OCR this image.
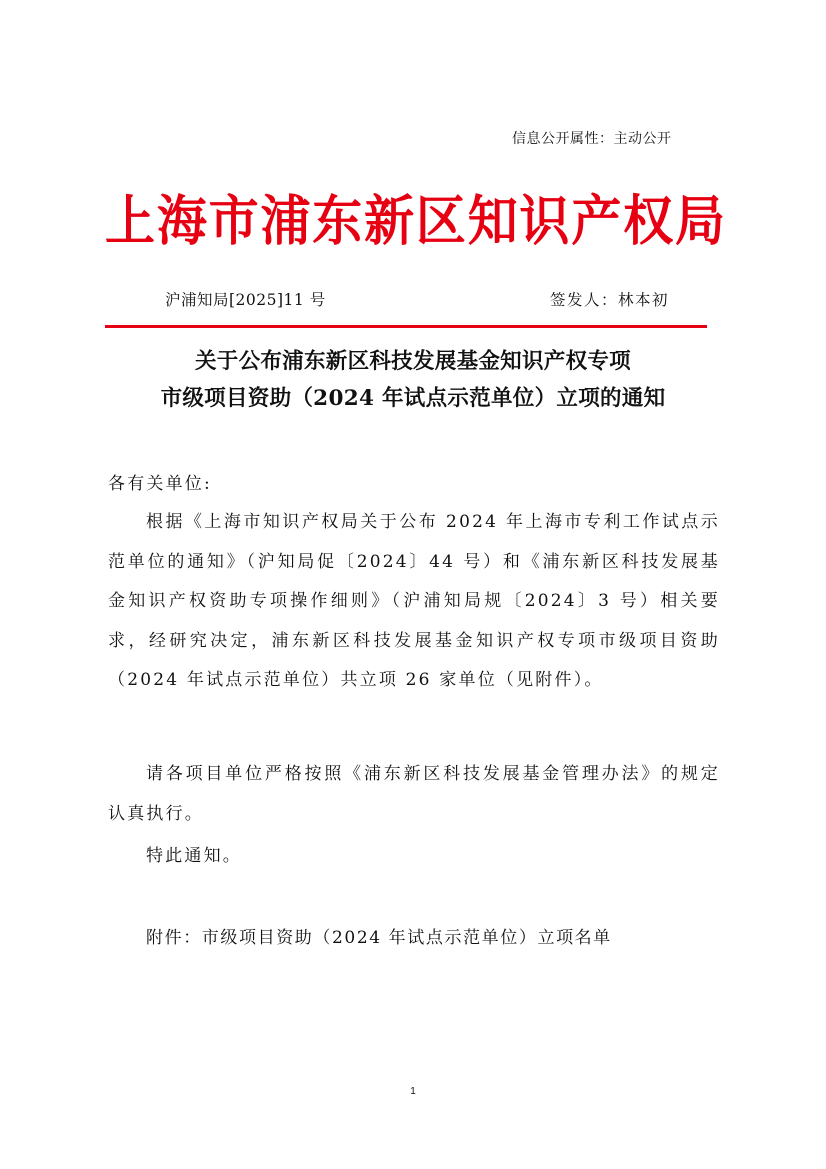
信息公开属性：主动公开
上 海 市 浦 东 新 区 知 识 产 权 局
沪浦知局[2025]11 号	签发人：林本初
关于公布浦东新区科技发展基金知识产权专项
市级项目资助（2024 年试点示范单位）立项的通知
各有关单位:
根据《上海市知识产权局关于公布 2024 年上海市专利工作试点示范单位的通知》（沪知局促〔2024〕44 号）和《浦东新区科技发展基金知识产权资助专项操作细则》（沪浦知局规〔2024〕3 号）相关要求，经研究决定，浦东新区科技发展基金知识产权专项市级项目资助（2024 年试点示范单位）共立项 26 家单位（见附件）。
请各项目单位严格按照《浦东新区科技发展基金管理办法》的规定认真执行。
特此通知。
附件：市级项目资助（2024 年试点示范单位）立项名单
1
